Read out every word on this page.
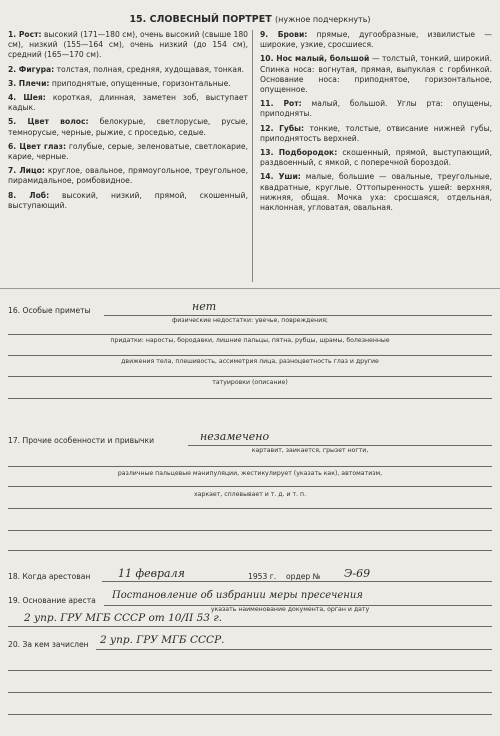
15. СЛОВЕСНЫЙ ПОРТРЕТ (нужное подчеркнуть)
1. Рост: высокий (171—180 см), очень высокий (свыше 180 см), низкий (155—164 см), очень низкий (до 154 см), средний (165—170 см).
2. Фигура: толстая, полная, средняя, худощавая, тонкая.
3. Плечи: приподнятые, опущенные, горизонтальные.
4. Шея: короткая, длинная, заметен зоб, выступает кадык.
5. Цвет волос: белокурые, светлорусые, русые, темнорусые, черные, рыжие, с проседью, седые.
6. Цвет глаз: голубые, серые, зеленоватые, светлокарие, карие, черные.
7. Лицо: круглое, овальное, прямоугольное, треугольное, пирамидальное, ромбовидное.
8. Лоб: высокий, низкий, прямой, скошенный, выступающий.
9. Брови: прямые, дугообразные, извилистые — широкие, узкие, сросшиеся.
10. Нос малый, большой — толстый, тонкий, широкий. Спинка носа: вогнутая, прямая, выпуклая с горбинкой. Основание носа: приподнятое, горизонтальное, опущенное.
11. Рот: малый, большой. Углы рта: опущены, приподняты.
12. Губы: тонкие, толстые, отвисание нижней губы, приподнятость верхней.
13. Подбородок: скошенный, прямой, выступающий, раздвоенный, с ямкой, с поперечной бороздой.
14. Уши: малые, большие — овальные, треугольные, квадратные, круглые. Оттопыренность ушей: верхняя, нижняя, общая. Мочка уха: сросшаяся, отдельная, наклонная, угловатая, овальная.
16. Особые приметы	нет
физические недостатки: увечье, повреждения;
придатки: наросты, бородавки, лишние пальцы, пятна, рубцы, шрамы, болезненные
движения тела, плешивость, ассиметрия лица, разноцветность глаз и другие
татуировки (описание)
17. Прочие особенности и привычки	незамечено
картавит, заикается, грызет ногти,
различные пальцевые манипуляции, жестикулирует (указать как), автоматизм,
харкает, сплевывает и т. д. и т. п.
18. Когда арестован	11 февраля	1953 г. ордер № Э-69
19. Основание ареста Постановление об избрании меры пресечения
указать наименование документа, орган и дату
2 упр. ГРУ МГБ СССР от 10/II 53 г.
20. За кем зачислен 2 упр. ГРУ МГБ СССР.
